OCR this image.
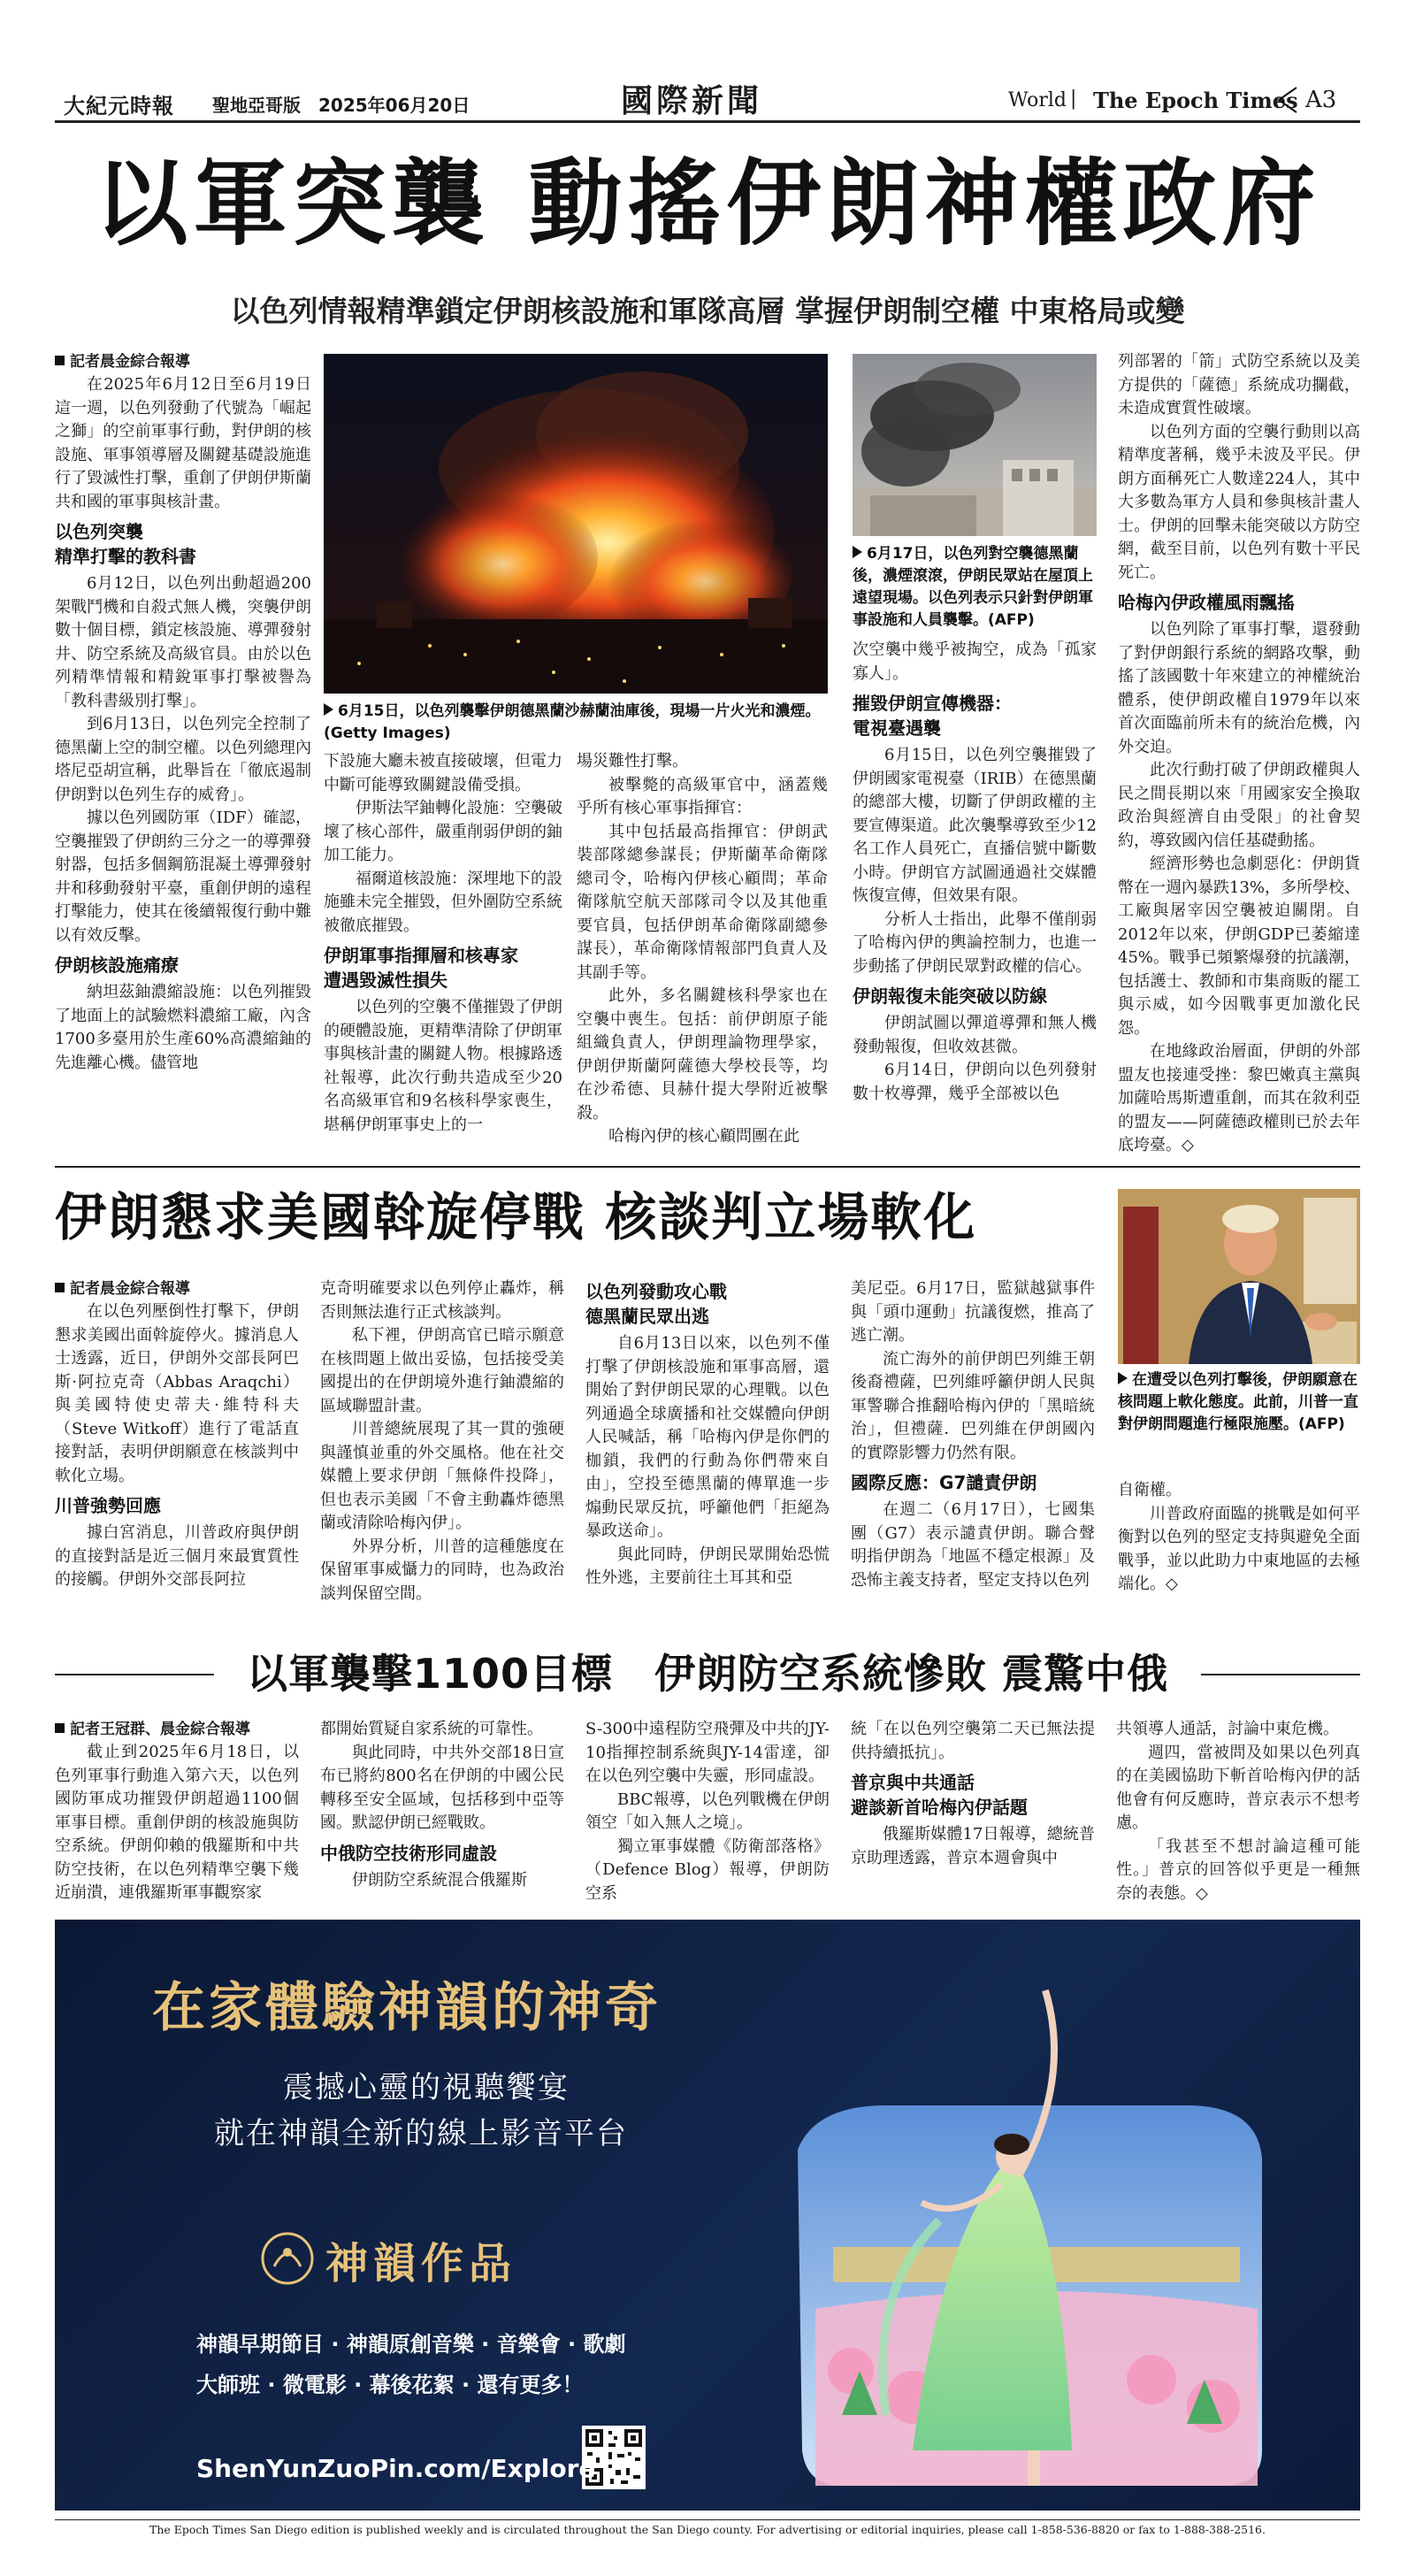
大紀元時報 聖地亞哥版 2025年06月20日	國際新聞	World | The Epoch Times A3
以軍突襲 動搖伊朗神權政府
以色列情報精準鎖定伊朗核設施和軍隊高層 掌握伊朗制空權 中東格局或變
記者晨金綜合報導

在2025年6月12日至6月19日這一週，以色列發動了代號為「崛起之獅」的空前軍事行動，對伊朗的核設施、軍事領導層及關鍵基礎設施進行了毀滅性打擊，重創了伊朗伊斯蘭共和國的軍事與核計畫。

以色列突襲
精準打擊的教科書

6月12日，以色列出動超過200架戰鬥機和自殺式無人機，突襲伊朗數十個目標，鎖定核設施、導彈發射井、防空系統及高級官員。由於以色列精準情報和精銳軍事打擊被譽為「教科書級別打擊」。

到6月13日，以色列完全控制了德黑蘭上空的制空權。以色列總理內塔尼亞胡宣稱，此舉旨在「徹底遏制伊朗對以色列生存的威脅」。

據以色列國防軍（IDF）確認，空襲摧毀了伊朗約三分之一的導彈發射器，包括多個鋼筋混凝土導彈發射井和移動發射平臺，重創伊朗的遠程打擊能力，使其在後續報復行動中難以有效反擊。

伊朗核設施痛療

納坦茲鈾濃縮設施：以色列摧毀了地面上的試驗燃料濃縮工廠，內含1700多臺用於生產60%高濃縮鈾的先進離心機。儘管地

6月15日，以色列襲擊伊朗德黑蘭沙赫蘭油庫後，現場一片火光和濃煙。(Getty Images)

下設施大廳未被直接破壞，但電力中斷可能導致關鍵設備受損。

伊斯法罕鈾轉化設施：空襲破壞了核心部件，嚴重削弱伊朗的鈾加工能力。

福爾道核設施：深埋地下的設施雖未完全摧毀，但外圍防空系統被徹底摧毀。

伊朗軍事指揮層和核專家
遭遇毀滅性損失

以色列的空襲不僅摧毀了伊朗的硬體設施，更精準清除了伊朗軍事與核計畫的關鍵人物。根據路透社報導，此次行動共造成至少20名高級軍官和9名核科學家喪生，堪稱伊朗軍事史上的一

場災難性打擊。

被擊斃的高級軍官中，涵蓋幾乎所有核心軍事指揮官：

其中包括最高指揮官：伊朗武裝部隊總參謀長；伊斯蘭革命衛隊總司令，哈梅內伊核心顧問；革命衛隊航空航天部隊司令以及其他重要官員，包括伊朗革命衛隊副總參謀長），革命衛隊情報部門負責人及其副手等。

此外，多名關鍵核科學家也在空襲中喪生。包括：前伊朗原子能組織負責人，伊朗理論物理學家，伊朗伊斯蘭阿薩德大學校長等，均在沙希德、貝赫什提大學附近被擊殺。

哈梅內伊的核心顧問團在此

6月17日，以色列對空襲德黑蘭後，濃煙滾滾，伊朗民眾站在屋頂上遠望現場。以色列表示只針對伊朗軍事設施和人員襲擊。(AFP)

次空襲中幾乎被掏空，成為「孤家寡人」。

摧毀伊朗宣傳機器：
電視臺遇襲

6月15日，以色列空襲摧毀了伊朗國家電視臺（IRIB）在德黑蘭的總部大樓，切斷了伊朗政權的主要宣傳渠道。此次襲擊導致至少12名工作人員死亡，直播信號中斷數小時。伊朗官方試圖通過社交媒體恢復宣傳，但效果有限。

分析人士指出，此舉不僅削弱了哈梅內伊的輿論控制力，也進一步動搖了伊朗民眾對政權的信心。

伊朗報復未能突破以防線

伊朗試圖以彈道導彈和無人機發動報復，但收效甚微。

6月14日，伊朗向以色列發射數十枚導彈，幾乎全部被以色

列部署的「箭」式防空系統以及美方提供的「薩德」系統成功攔截，未造成實質性破壞。

以色列方面的空襲行動則以高精準度著稱，幾乎未波及平民。伊朗方面稱死亡人數達224人，其中大多數為軍方人員和參與核計畫人士。伊朗的回擊未能突破以方防空網，截至目前，以色列有數十平民死亡。

哈梅內伊政權風雨飄搖

以色列除了軍事打擊，還發動了對伊朗銀行系統的網路攻擊，動搖了該國數十年來建立的神權統治體系，使伊朗政權自1979年以來首次面臨前所未有的統治危機，內外交迫。

此次行動打破了伊朗政權與人民之間長期以來「用國家安全換取政治與經濟自由受限」的社會契約，導致國內信任基礎動搖。

經濟形勢也急劇惡化：伊朗貨幣在一週內暴跌13%，多所學校、工廠與屠宰因空襲被迫關閉。自2012年以來，伊朗GDP已萎縮達45%。戰爭已頻繁爆發的抗議潮，包括護士、教師和市集商販的罷工與示威，如今因戰事更加激化民怨。

在地緣政治層面，伊朗的外部盟友也接連受挫：黎巴嫩真主黨與加薩哈馬斯遭重創，而其在敘利亞的盟友——阿薩德政權則已於去年底垮臺。◇

伊朗懇求美國斡旋停戰 核談判立場軟化
記者晨金綜合報導

在以色列壓倒性打擊下，伊朗懇求美國出面斡旋停火。據消息人士透露，近日，伊朗外交部長阿巴斯·阿拉克奇（Abbas Araqchi）與美國特使史蒂夫·維特科夫（Steve Witkoff）進行了電話直接對話，表明伊朗願意在核談判中軟化立場。

川普強勢回應

據白宮消息，川普政府與伊朗的直接對話是近三個月來最實質性的接觸。伊朗外交部長阿拉

克奇明確要求以色列停止轟炸，稱否則無法進行正式核談判。

私下裡，伊朗高官已暗示願意在核問題上做出妥協，包括接受美國提出的在伊朗境外進行鈾濃縮的區域聯盟計畫。

川普總統展現了其一貫的強硬與謹慎並重的外交風格。他在社交媒體上要求伊朗「無條件投降」，但也表示美國「不會主動轟炸德黑蘭或清除哈梅內伊」。

外界分析，川普的這種態度在保留軍事威懾力的同時，也為政治談判保留空間。

以色列發動攻心戰
德黑蘭民眾出逃

自6月13日以來，以色列不僅打擊了伊朗核設施和軍事高層，還開始了對伊朗民眾的心理戰。以色列通過全球廣播和社交媒體向伊朗人民喊話，稱「哈梅內伊是你們的枷鎖，我們的行動為你們帶來自由」，空投至德黑蘭的傳單進一步煽動民眾反抗，呼籲他們「拒絕為暴政送命」。

與此同時，伊朗民眾開始恐慌性外逃，主要前往土耳其和亞

美尼亞。6月17日，監獄越獄事件與「頭巾運動」抗議復燃，推高了逃亡潮。

流亡海外的前伊朗巴列維王朝後裔禮薩，巴列維呼籲伊朗人民與軍警聯合推翻哈梅內伊的「黑暗統治」，但禮薩．巴列維在伊朗國內的實際影響力仍然有限。

國際反應：G7譴責伊朗

在週二（6月17日），七國集團（G7）表示譴責伊朗。聯合聲明指伊朗為「地區不穩定根源」及恐怖主義支持者，堅定支持以色列

在遭受以色列打擊後，伊朗願意在核問題上軟化態度。此前，川普一直對伊朗問題進行極限施壓。(AFP)

自衛權。

川普政府面臨的挑戰是如何平衡對以色列的堅定支持與避免全面戰爭，並以此助力中東地區的去極端化。◇

以軍襲擊1100目標　伊朗防空系統慘敗 震驚中俄
記者王冠群、晨金綜合報導

截止到2025年6月18日，以色列軍事行動進入第六天，以色列國防軍成功摧毀伊朗超過1100個軍事目標。重創伊朗的核設施與防空系統。伊朗仰賴的俄羅斯和中共防空技術，在以色列精準空襲下幾近崩潰，連俄羅斯軍事觀察家

都開始質疑自家系統的可靠性。

與此同時，中共外交部18日宣布已將約800名在伊朗的中國公民轉移至安全區域，包括移到中亞等國。默認伊朗已經戰敗。

中俄防空技術形同虛設

伊朗防空系統混合俄羅斯

S-300中遠程防空飛彈及中共的JY-10指揮控制系統與JY-14雷達，卻在以色列空襲中失靈，形同虛設。

BBC報導，以色列戰機在伊朗領空「如入無人之境」。

獨立軍事媒體《防衛部落格》（Defence Blog）報導，伊朗防空系

統「在以色列空襲第二天已無法提供持續抵抗」。

普京與中共通話
避談新首哈梅內伊話題

俄羅斯媒體17日報導，總統普京助理透露，普京本週會與中

共領導人通話，討論中東危機。

週四，當被問及如果以色列真的在美國協助下斬首哈梅內伊的話他會有何反應時，普京表示不想考慮。

「我甚至不想討論這種可能性。」普京的回答似乎更是一種無奈的表態。◇

在家體驗神韻的神奇
震撼心靈的視聽饗宴
就在神韻全新的線上影音平台
神韻作品
神韻早期節目 · 神韻原創音樂 · 音樂會 · 歌劇
大師班 · 微電影 · 幕後花絮 · 還有更多！
ShenYunZuoPin.com/Explore
The Epoch Times San Diego edition is published weekly and is circulated throughout the San Diego county. For advertising or editorial inquiries, please call 1-858-536-8820 or fax to 1-888-388-2516.
